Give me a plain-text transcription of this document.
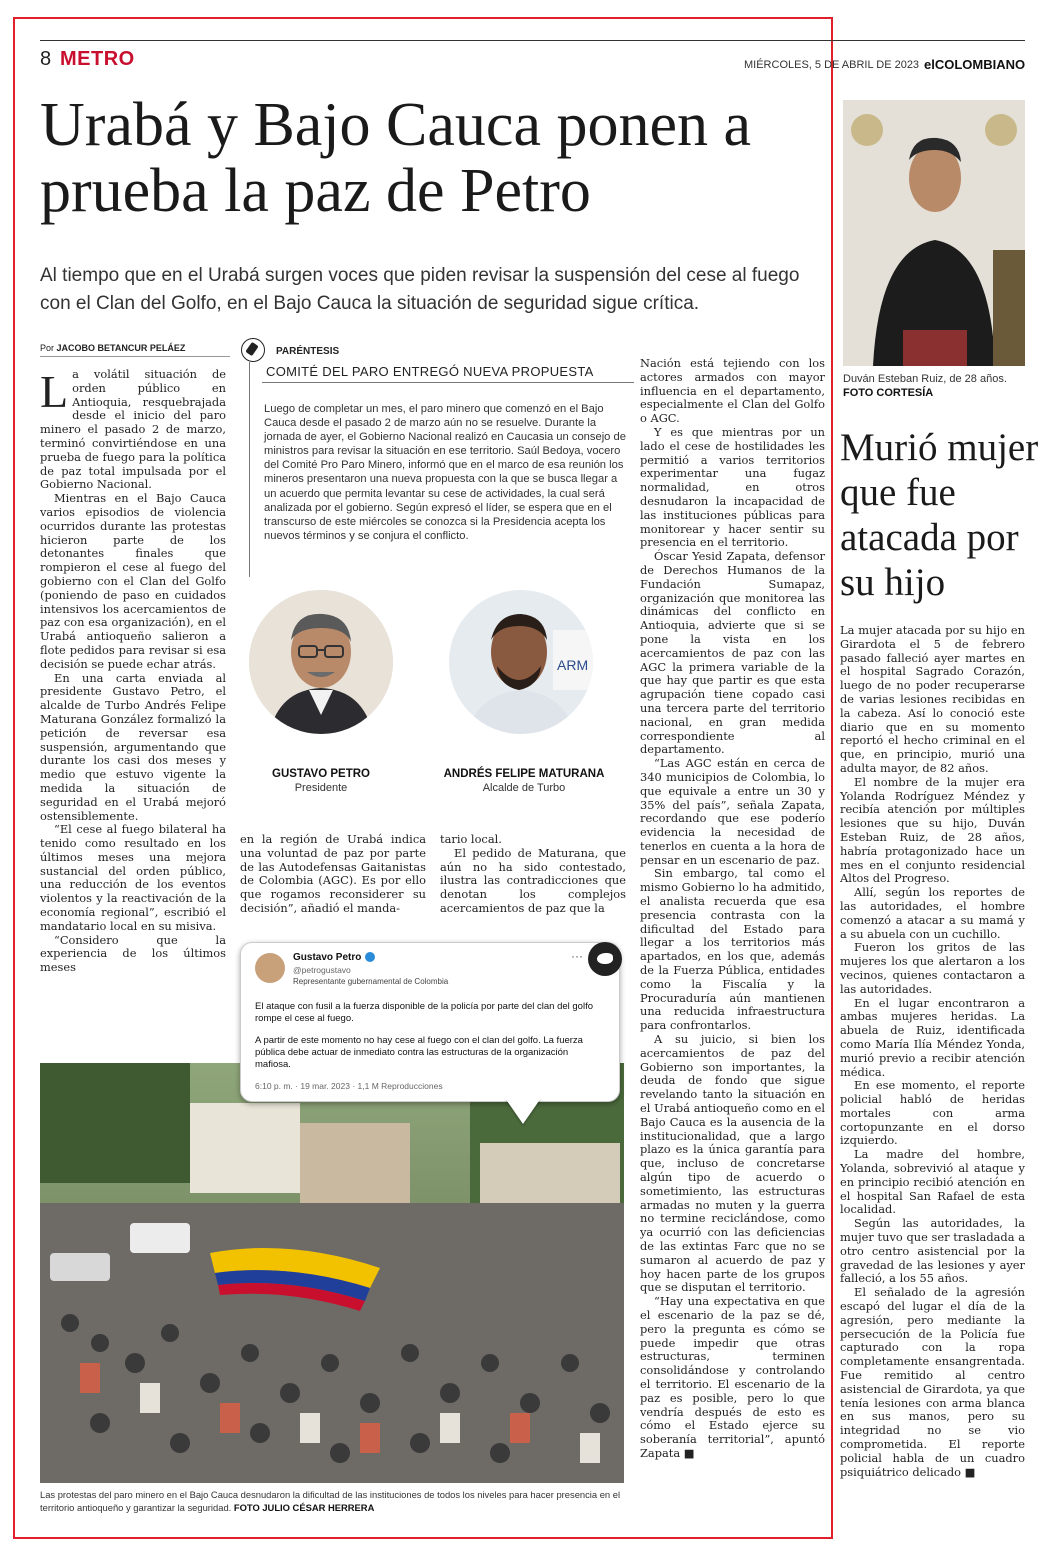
8 METRO	MIÉRCOLES, 5 DE ABRIL DE 2023 elCOLOMBIANO
Urabá y Bajo Cauca ponen a prueba la paz de Petro

Al tiempo que en el Urabá surgen voces que piden revisar la suspensión del cese al fuego con el Clan del Golfo, en el Bajo Cauca la situación de seguridad sigue crítica.

Por JACOBO BETANCUR PELÁEZ

La volátil situación de orden público en Antioquia, resquebrajada desde el inicio del paro minero el pasado 2 de marzo, terminó convirtiéndose en una prueba de fuego para la política de paz total impulsada por el Gobierno Nacional.

Mientras en el Bajo Cauca varios episodios de violencia ocurridos durante las protestas hicieron parte de los detonantes finales que rompieron el cese al fuego del gobierno con el Clan del Golfo (poniendo de paso en cuidados intensivos los acercamientos de paz con esa organización), en el Urabá antioqueño salieron a flote pedidos para revisar si esa decisión se puede echar atrás.

En una carta enviada al presidente Gustavo Petro, el alcalde de Turbo Andrés Felipe Maturana González formalizó la petición de reversar esa suspensión, argumentando que durante los casi dos meses y medio que estuvo vigente la medida la situación de seguridad en el Urabá mejoró ostensiblemente.

“El cese al fuego bilateral ha tenido como resultado en los últimos meses una mejora sustancial del orden público, una reducción de los eventos violentos y la reactivación de la economía regional”, escribió el mandatario local en su misiva.

“Considero que la experiencia de los últimos meses

PARÉNTESIS
COMITÉ DEL PARO ENTREGÓ NUEVA PROPUESTA

Luego de completar un mes, el paro minero que comenzó en el Bajo Cauca desde el pasado 2 de marzo aún no se resuelve. Durante la jornada de ayer, el Gobierno Nacional realizó en Caucasia un consejo de ministros para revisar la situación en ese territorio. Saúl Bedoya, vocero del Comité Pro Paro Minero, informó que en el marco de esa reunión los mineros presentaron una nueva propuesta con la que se busca llegar a un acuerdo que permita levantar su cese de actividades, la cual será analizada por el gobierno. Según expresó el líder, se espera que en el transcurso de este miércoles se conozca si la Presidencia acepta los nuevos términos y se conjura el conflicto.

ARM
GUSTAVO PETRO
Presidente
ANDRÉS FELIPE MATURANA
Alcalde de Turbo

en la región de Urabá indica una voluntad de paz por parte de las Autodefensas Gaitanistas de Colombia (AGC). Es por ello que rogamos reconsiderer su decisión”, añadió el manda-

tario local.

El pedido de Maturana, que aún no ha sido contestado, ilustra las contradicciones que denotan los complejos acercamientos de paz que la

Gustavo Petro
@petrogustavo
Representante gubernamental de Colombia
···

El ataque con fusil a la fuerza disponible de la policía por parte del clan del golfo rompe el cese al fuego.

A partir de este momento no hay cese al fuego con el clan del golfo. La fuerza pública debe actuar de inmediato contra las estructuras de la organización mafiosa.

6:10 p. m. · 19 mar. 2023 · 1,1 M Reproducciones

Las protestas del paro minero en el Bajo Cauca desnudaron la dificultad de las instituciones de todos los niveles para hacer presencia en el territorio antioqueño y garantizar la seguridad. FOTO JULIO CÉSAR HERRERA

Nación está tejiendo con los actores armados con mayor influencia en el departamento, especialmente el Clan del Golfo o AGC.

Y es que mientras por un lado el cese de hostilidades les permitió a varios territorios experimentar una fugaz normalidad, en otros desnudaron la incapacidad de las instituciones públicas para monitorear y hacer sentir su presencia en el territorio.

Óscar Yesid Zapata, defensor de Derechos Humanos de la Fundación Sumapaz, organización que monitorea las dinámicas del conflicto en Antioquia, advierte que si se pone la vista en los acercamientos de paz con las AGC la primera variable de la que hay que partir es que esta agrupación tiene copado casi una tercera parte del territorio nacional, en gran medida correspondiente al departamento.

“Las AGC están en cerca de 340 municipios de Colombia, lo que equivale a entre un 30 y 35% del país”, señala Zapata, recordando que ese poderío evidencia la necesidad de tenerlos en cuenta a la hora de pensar en un escenario de paz.

Sin embargo, tal como el mismo Gobierno lo ha admitido, el analista recuerda que esa presencia contrasta con la dificultad del Estado para llegar a los territorios más apartados, en los que, además de la Fuerza Pública, entidades como la Fiscalía y la Procuraduría aún mantienen una reducida infraestructura para confrontarlos.

A su juicio, si bien los acercamientos de paz del Gobierno son importantes, la deuda de fondo que sigue revelando tanto la situación en el Urabá antioqueño como en el Bajo Cauca es la ausencia de la institucionalidad, que a largo plazo es la única garantía para que, incluso de concretarse algún tipo de acuerdo o sometimiento, las estructuras armadas no muten y la guerra no termine reciclándose, como ya ocurrió con las deficiencias de las extintas Farc que no se sumaron al acuerdo de paz y hoy hacen parte de los grupos que se disputan el territorio.

“Hay una expectativa en que el escenario de la paz se dé, pero la pregunta es cómo se puede impedir que otras estructuras, terminen consolidándose y controlando el territorio. El escenario de la paz es posible, pero lo que vendría después de esto es cómo el Estado ejerce su soberanía territorial”, apuntó Zapata ■

Duván Esteban Ruiz, de 28 años. FOTO CORTESÍA

Murió mujer que fue atacada por su hijo

La mujer atacada por su hijo en Girardota el 5 de febrero pasado falleció ayer martes en el hospital Sagrado Corazón, luego de no poder recuperarse de varias lesiones recibidas en la cabeza. Así lo conoció este diario que en su momento reportó el hecho criminal en el que, en principio, murió una adulta mayor, de 82 años.

El nombre de la mujer era Yolanda Rodríguez Méndez y recibía atención por múltiples lesiones que su hijo, Duván Esteban Ruiz, de 28 años, habría protagonizado hace un mes en el conjunto residencial Altos del Progreso.

Allí, según los reportes de las autoridades, el hombre comenzó a atacar a su mamá y a su abuela con un cuchillo.

Fueron los gritos de las mujeres los que alertaron a los vecinos, quienes contactaron a las autoridades.

En el lugar encontraron a ambas mujeres heridas. La abuela de Ruiz, identificada como María Ilía Méndez Yonda, murió previo a recibir atención médica.

En ese momento, el reporte policial habló de heridas mortales con arma cortopunzante en el dorso izquierdo.

La madre del hombre, Yolanda, sobrevivió al ataque y en principio recibió atención en el hospital San Rafael de esta localidad.

Según las autoridades, la mujer tuvo que ser trasladada a otro centro asistencial por la gravedad de las lesiones y ayer falleció, a los 55 años.

El señalado de la agresión escapó del lugar el día de la agresión, pero mediante la persecución de la Policía fue capturado con la ropa completamente ensangrentada. Fue remitido al centro asistencial de Girardota, ya que tenía lesiones con arma blanca en sus manos, pero su integridad no se vio comprometida. El reporte policial habla de un cuadro psiquiátrico delicado ■
